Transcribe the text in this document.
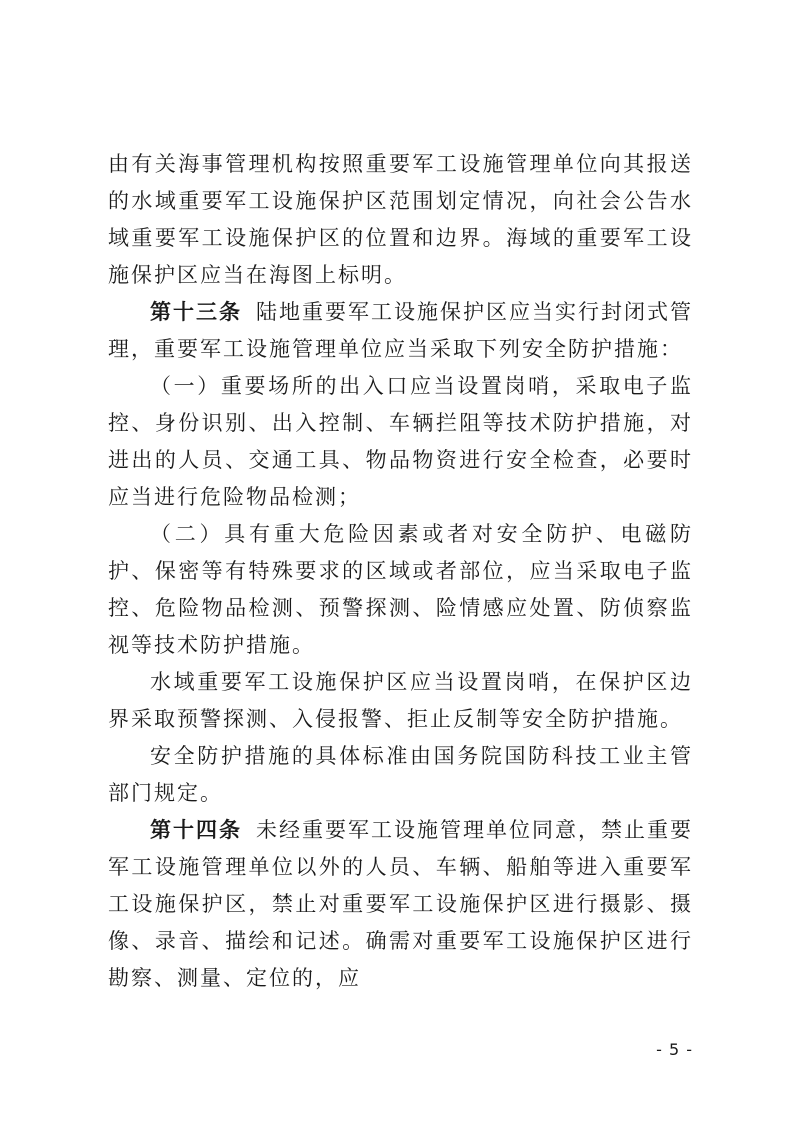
由有关海事管理机构按照重要军工设施管理单位向其报送的水域重要军工设施保护区范围划定情况，向社会公告水域重要军工设施保护区的位置和边界。海域的重要军工设施保护区应当在海图上标明。

第十三条 陆地重要军工设施保护区应当实行封闭式管理，重要军工设施管理单位应当采取下列安全防护措施：

（一）重要场所的出入口应当设置岗哨，采取电子监控、身份识别、出入控制、车辆拦阻等技术防护措施，对进出的人员、交通工具、物品物资进行安全检查，必要时应当进行危险物品检测；

（二）具有重大危险因素或者对安全防护、电磁防护、保密等有特殊要求的区域或者部位，应当采取电子监控、危险物品检测、预警探测、险情感应处置、防侦察监视等技术防护措施。

水域重要军工设施保护区应当设置岗哨，在保护区边界采取预警探测、入侵报警、拒止反制等安全防护措施。

安全防护措施的具体标准由国务院国防科技工业主管部门规定。

第十四条 未经重要军工设施管理单位同意，禁止重要军工设施管理单位以外的人员、车辆、船舶等进入重要军工设施保护区，禁止对重要军工设施保护区进行摄影、摄像、录音、描绘和记述。确需对重要军工设施保护区进行勘察、测量、定位的，应

- 5 -
